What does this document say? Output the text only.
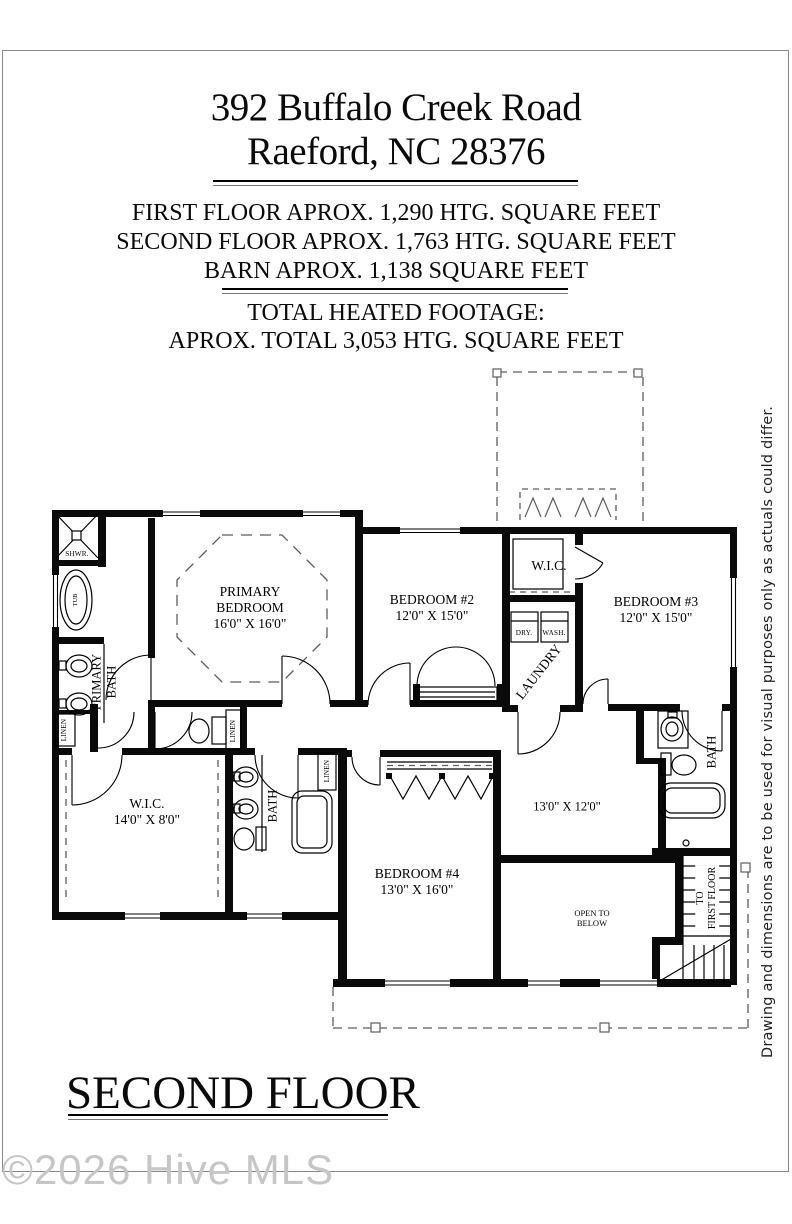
392 Buffalo Creek Road
Raeford, NC 28376
FIRST FLOOR APROX. 1,290 HTG. SQUARE FEET
SECOND FLOOR APROX. 1,763 HTG. SQUARE FEET
BARN APROX. 1,138 SQUARE FEET
TOTAL HEATED FOOTAGE:
APROX. TOTAL 3,053 HTG. SQUARE FEET
PRIMARY
BEDROOM
16'0" X 16'0"
BEDROOM #2
12'0" X 15'0"
BEDROOM #3
12'0" X 15'0"
BEDROOM #4
13'0" X 16'0"
W.I.C.
14'0" X 8'0"
W.I.C.
13'0" X 12'0"
OPEN TO
BELOW
LAUNDRY
PRIMARY BATH
BATH
BATH
TO FIRST FLOOR
LINEN	LINEN
LINEN
SHWR.
TUB
DRY. WASH.
SECOND FLOOR
©2026 Hive MLS
Drawing and dimensions are to be used for visual purposes only as actuals could differ.
